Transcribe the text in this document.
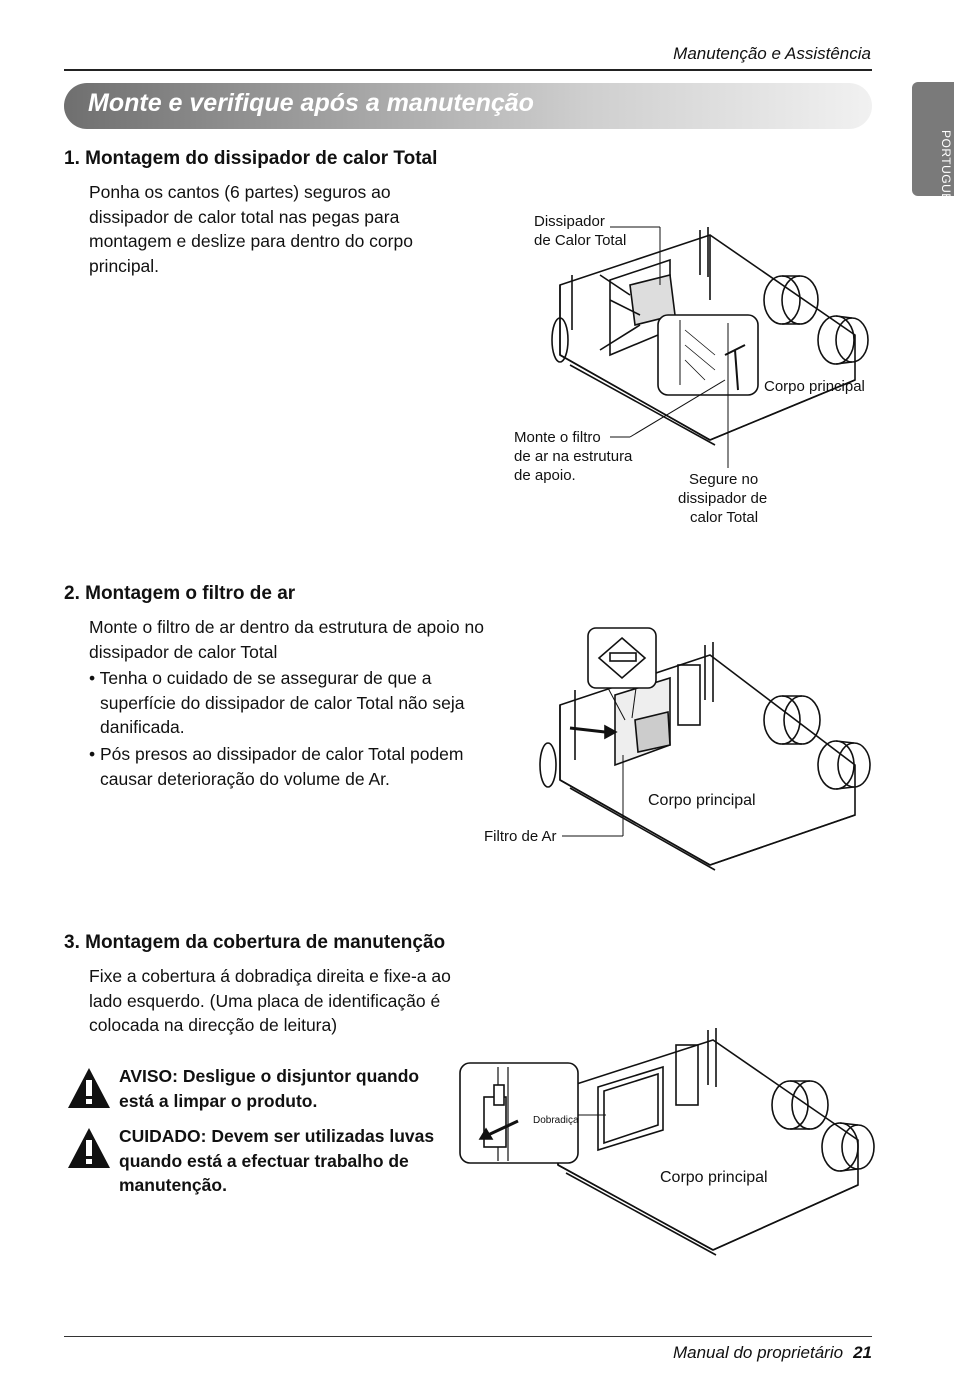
Manutenção e Assistência
Monte e verifique após a manutenção
PORTUGUESE
1. Montagem do dissipador de calor Total
Ponha os cantos (6 partes) seguros ao dissipador de calor total nas pegas para montagem e deslize para dentro do corpo principal.
Dissipador
de Calor Total
Corpo principal
Monte o filtro
de ar na estrutura
de apoio.	Segure no
dissipador de
calor Total
2. Montagem o filtro de ar
Monte o filtro de ar dentro da estrutura de apoio no dissipador de calor Total
• Tenha o cuidado de se assegurar de que a superfície do dissipador de calor Total não seja danificada.
• Pós presos ao dissipador de calor Total podem causar deterioração do volume de Ar.
Corpo principal
Filtro de Ar
3. Montagem da cobertura de manutenção
Fixe a cobertura á dobradiça direita e fixe-a ao lado esquerdo. (Uma placa de identificação é colocada na direcção de leitura)
AVISO: Desligue o disjuntor quando está a limpar o produto.
CUIDADO: Devem ser utilizadas luvas quando está a efectuar trabalho de manutenção.
Dobradiça
Corpo principal
Manual do proprietário 21
